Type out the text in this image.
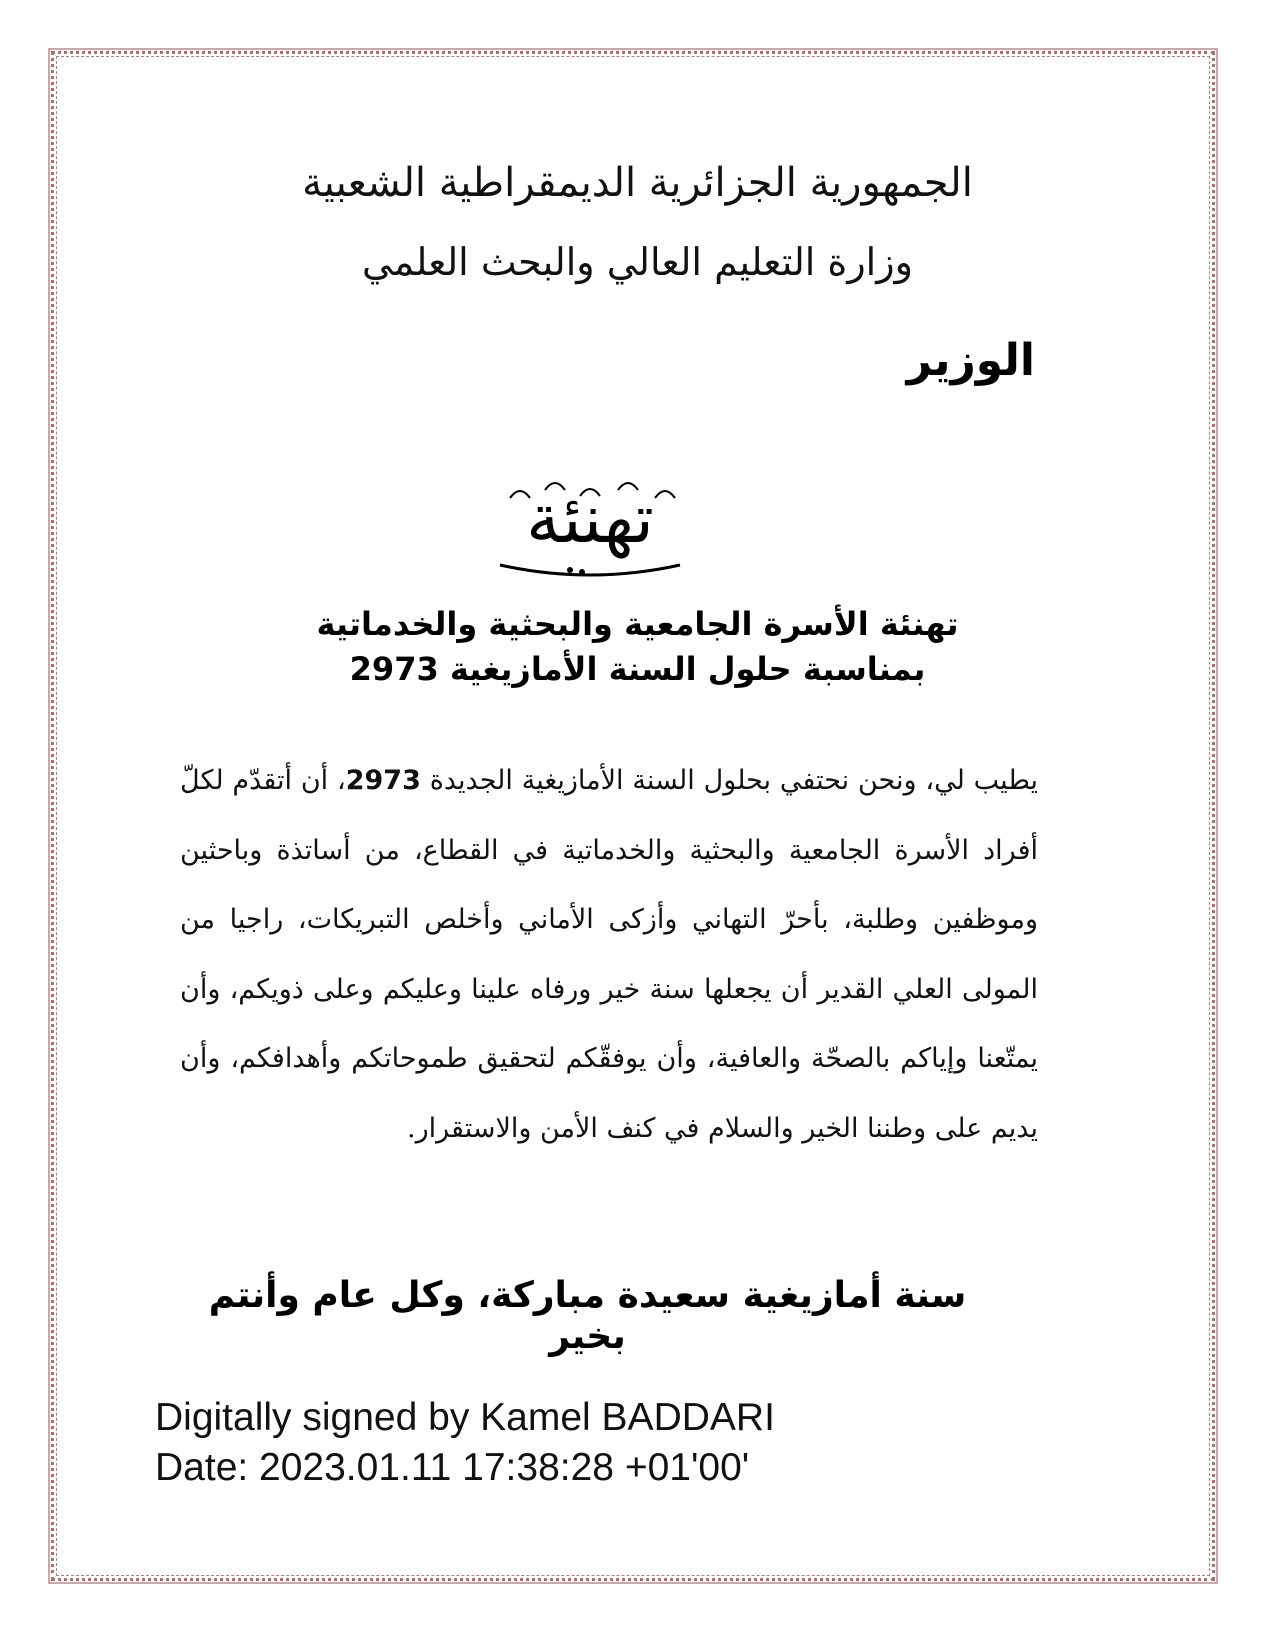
الجمهورية الجزائرية الديمقراطية الشعبية
وزارة التعليم العالي والبحث العلمي
الوزير
تهنئة
تهنئة الأسرة الجامعية والبحثية والخدماتية
بمناسبة حلول السنة الأمازيغية 2973
يطيب لي، ونحن نحتفي بحلول السنة الأمازيغية الجديدة 2973، أن أتقدّم لكلّ أفراد الأسرة الجامعية والبحثية والخدماتية في القطاع، من أساتذة وباحثين وموظفين وطلبة، بأحرّ التهاني وأزكى الأماني وأخلص التبريكات، راجيا من المولى العلي القدير أن يجعلها سنة خير ورفاه علينا وعليكم وعلى ذويكم، وأن يمتّعنا وإياكم بالصحّة والعافية، وأن يوفقّكم لتحقيق طموحاتكم وأهدافكم، وأن يديم على وطننا الخير والسلام في كنف الأمن والاستقرار.
سنة أمازيغية سعيدة مباركة، وكل عام وأنتم بخير
Digitally signed by Kamel BADDARI
Date: 2023.01.11 17:38:28 +01'00'
